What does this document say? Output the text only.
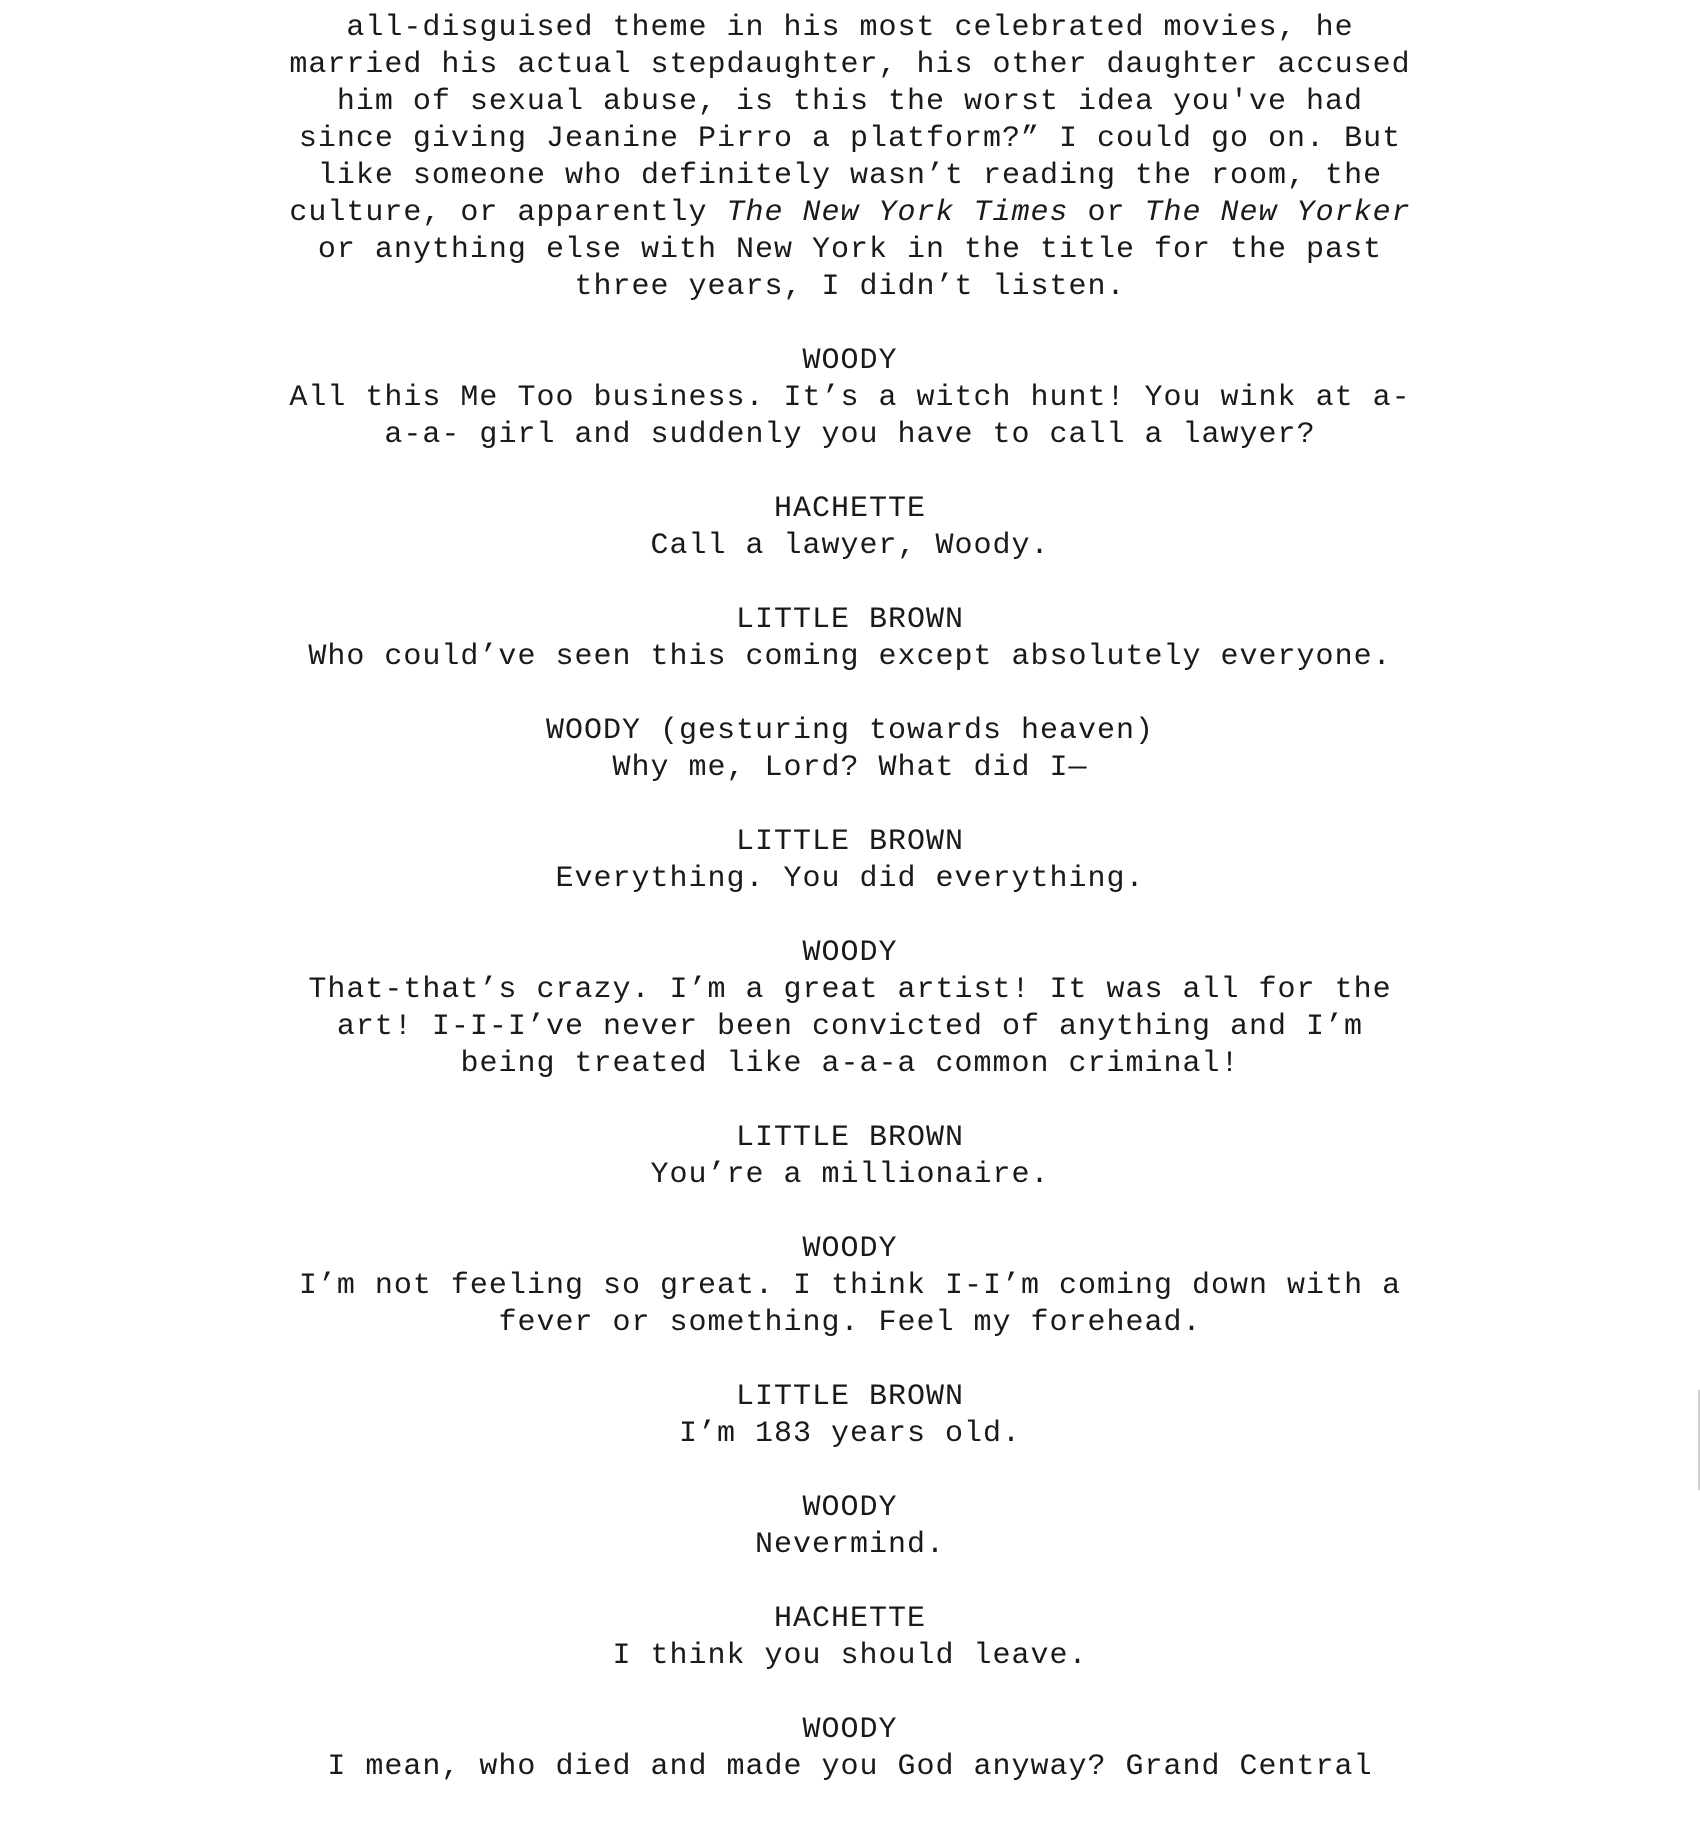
all-disguised theme in his most celebrated movies, he
married his actual stepdaughter, his other daughter accused
him of sexual abuse, is this the worst idea you've had
since giving Jeanine Pirro a platform?” I could go on. But
like someone who definitely wasn’t reading the room, the
culture, or apparently The New York Times or The New Yorker
or anything else with New York in the title for the past
three years, I didn’t listen.
WOODY
All this Me Too business. It’s a witch hunt! You wink at a-
a-a- girl and suddenly you have to call a lawyer?
HACHETTE
Call a lawyer, Woody.
LITTLE BROWN
Who could’ve seen this coming except absolutely everyone.
WOODY (gesturing towards heaven)
Why me, Lord? What did I—
LITTLE BROWN
Everything. You did everything.
WOODY
That-that’s crazy. I’m a great artist! It was all for the
art! I-I-I’ve never been convicted of anything and I’m
being treated like a-a-a common criminal!
LITTLE BROWN
You’re a millionaire.
WOODY
I’m not feeling so great. I think I-I’m coming down with a
fever or something. Feel my forehead.
LITTLE BROWN
I’m 183 years old.
WOODY
Nevermind.
HACHETTE
I think you should leave.
WOODY
I mean, who died and made you God anyway? Grand Central
